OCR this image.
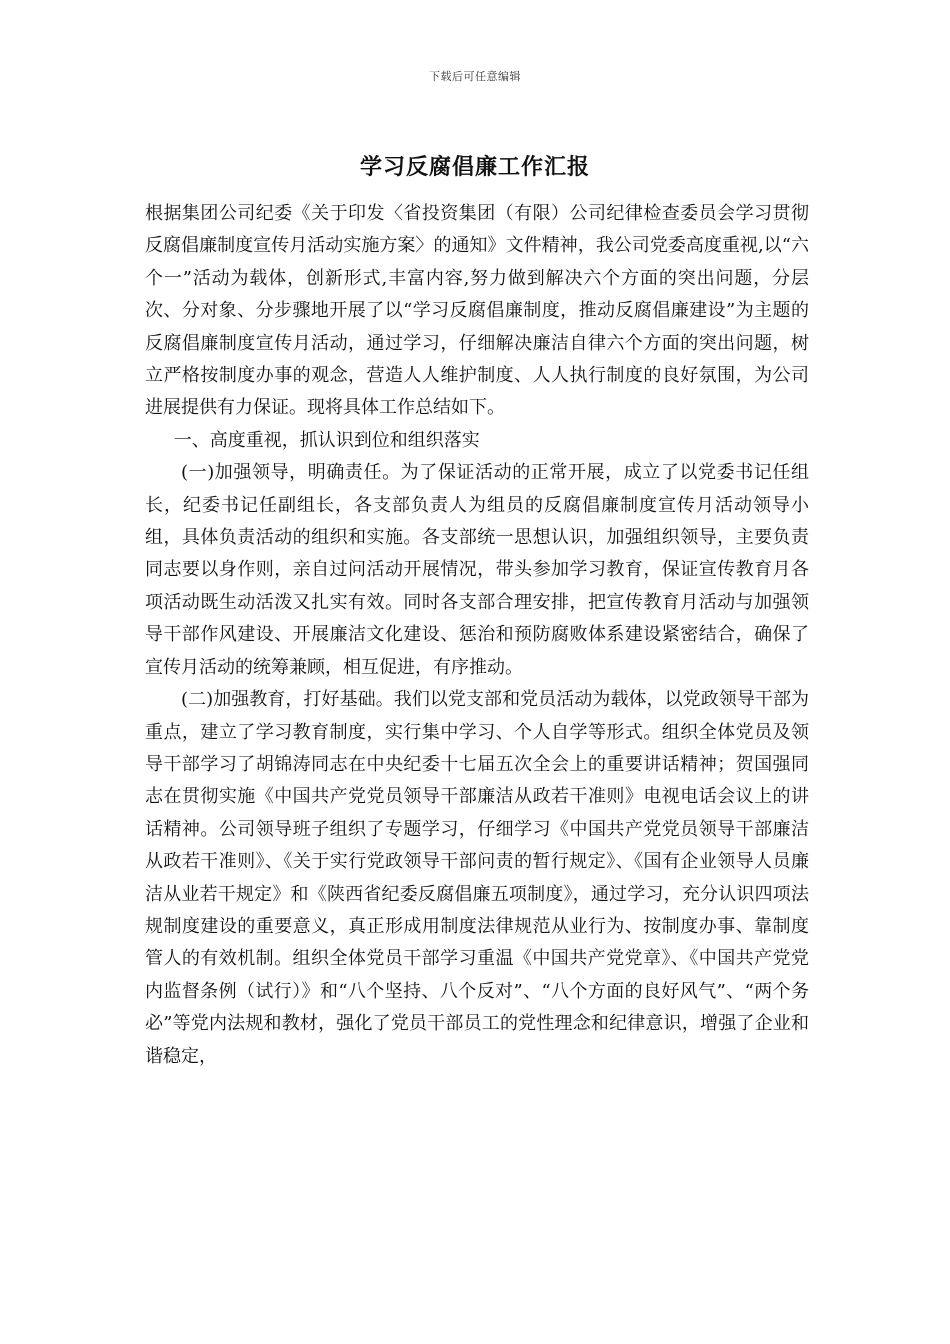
下载后可任意编辑
学习反腐倡廉工作汇报

根据集团公司纪委《关于印发〈省投资集团（有限）公司纪律检查委员会学习贯彻反腐倡廉制度宣传月活动实施方案〉的通知》文件精神，我公司党委高度重视,以“六个一”活动为载体，创新形式,丰富内容,努力做到解决六个方面的突出问题，分层次、分对象、分步骤地开展了以“学习反腐倡廉制度，推动反腐倡廉建设”为主题的反腐倡廉制度宣传月活动，通过学习，仔细解决廉洁自律六个方面的突出问题，树立严格按制度办事的观念，营造人人维护制度、人人执行制度的良好氛围，为公司进展提供有力保证。现将具体工作总结如下。

一、高度重视，抓认识到位和组织落实

(一)加强领导，明确责任。为了保证活动的正常开展，成立了以党委书记任组长，纪委书记任副组长，各支部负责人为组员的反腐倡廉制度宣传月活动领导小组，具体负责活动的组织和实施。各支部统一思想认识，加强组织领导，主要负责同志要以身作则，亲自过问活动开展情况，带头参加学习教育，保证宣传教育月各项活动既生动活泼又扎实有效。同时各支部合理安排，把宣传教育月活动与加强领导干部作风建设、开展廉洁文化建设、惩治和预防腐败体系建设紧密结合，确保了宣传月活动的统筹兼顾，相互促进，有序推动。

(二)加强教育，打好基础。我们以党支部和党员活动为载体，以党政领导干部为重点，建立了学习教育制度，实行集中学习、个人自学等形式。组织全体党员及领导干部学习了胡锦涛同志在中央纪委十七届五次全会上的重要讲话精神；贺国强同志在贯彻实施《中国共产党党员领导干部廉洁从政若干准则》电视电话会议上的讲话精神。公司领导班子组织了专题学习，仔细学习《中国共产党党员领导干部廉洁从政若干准则》、《关于实行党政领导干部问责的暂行规定》、《国有企业领导人员廉洁从业若干规定》和《陕西省纪委反腐倡廉五项制度》，通过学习，充分认识四项法规制度建设的重要意义，真正形成用制度法律规范从业行为、按制度办事、靠制度管人的有效机制。组织全体党员干部学习重温《中国共产党党章》、《中国共产党党内监督条例（试行）》和“八个坚持、八个反对”、“八个方面的良好风气”、“两个务必”等党内法规和教材，强化了党员干部员工的党性理念和纪律意识，增强了企业和谐稳定，
